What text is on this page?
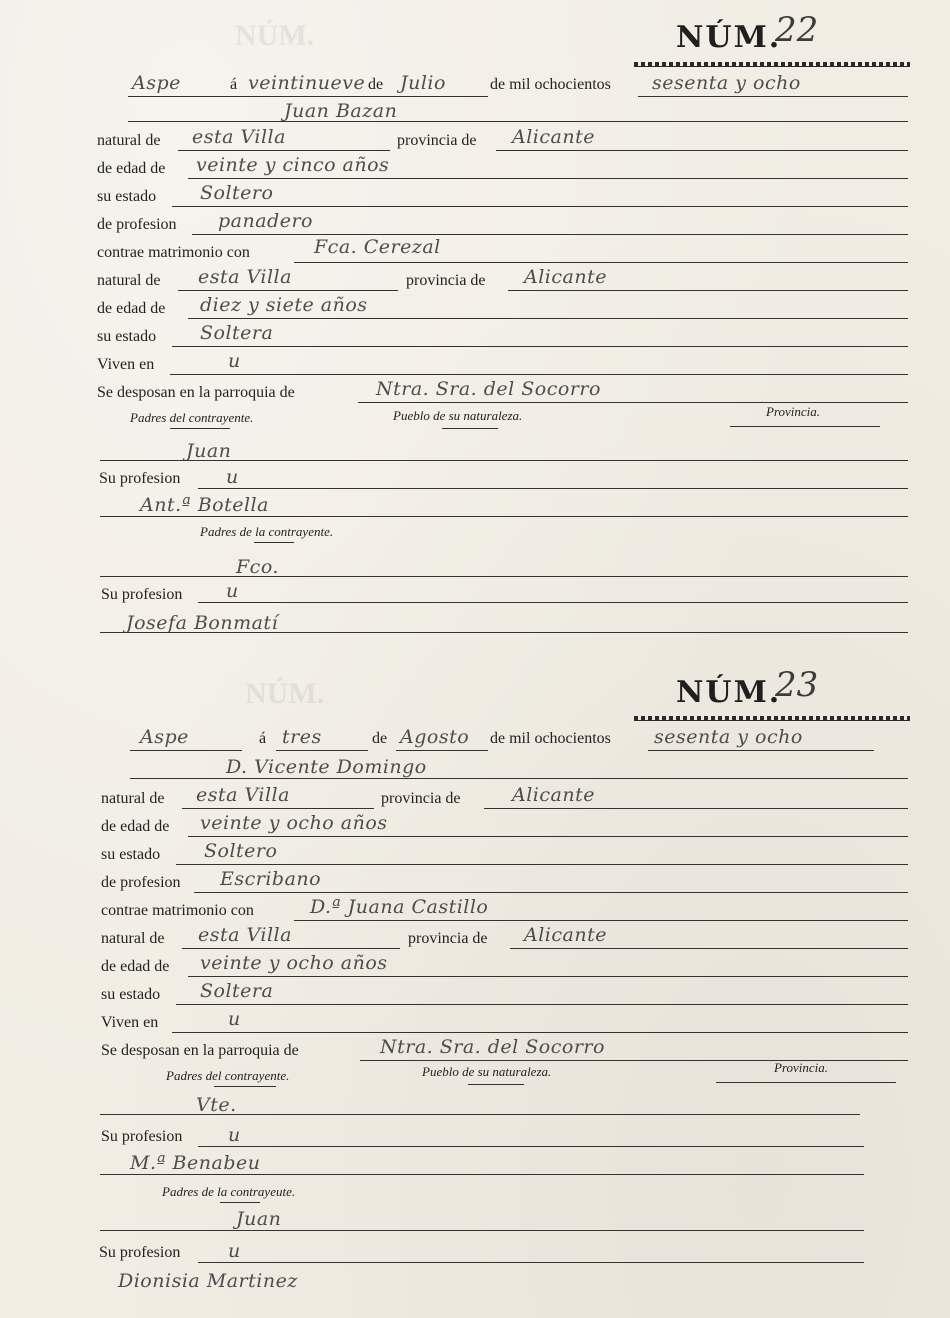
NÚM.
NÚM.
NÚM.
22
Aspe	á veintinueve de Julio	de mil ochocientos sesenta y ocho
Juan Bazan
natural de esta Villa	provincia de Alicante
de edad de veinte y cinco años
su estado Soltero
de profesion panadero
contrae matrimonio con	Fca. Cerezal
natural de esta Villa	provincia de Alicante
de edad de diez y siete años
su estado Soltera
Viven en	u
Se desposan en la parroquia de	Ntra. Sra. del Socorro
Padres del contrayente.	Pueblo de su naturaleza.	Provincia.
Juan
Su profesion u
Ant.ª Botella
Padres de la contrayente.
Fco.
Su profesion u
Josefa Bonmatí
NÚM.
23
Aspe	á tres	de Agosto de mil ochocientos sesenta y ocho
D. Vicente Domingo
natural de esta Villa	provincia de	Alicante
de edad de veinte y ocho años
su estado Soltero
de profesion Escribano
contrae matrimonio con	D.ª Juana Castillo
natural de esta Villa	provincia de Alicante
de edad de veinte y ocho años
su estado Soltera
Viven en	u
Se desposan en la parroquia de	Ntra. Sra. del Socorro
Padres del contrayente.	Pueblo de su naturaleza.	Provincia.
Vte.
Su profesion u
M.ª Benabeu
Padres de la contrayeute.
Juan
Su profesion	u
Dionisia Martinez
